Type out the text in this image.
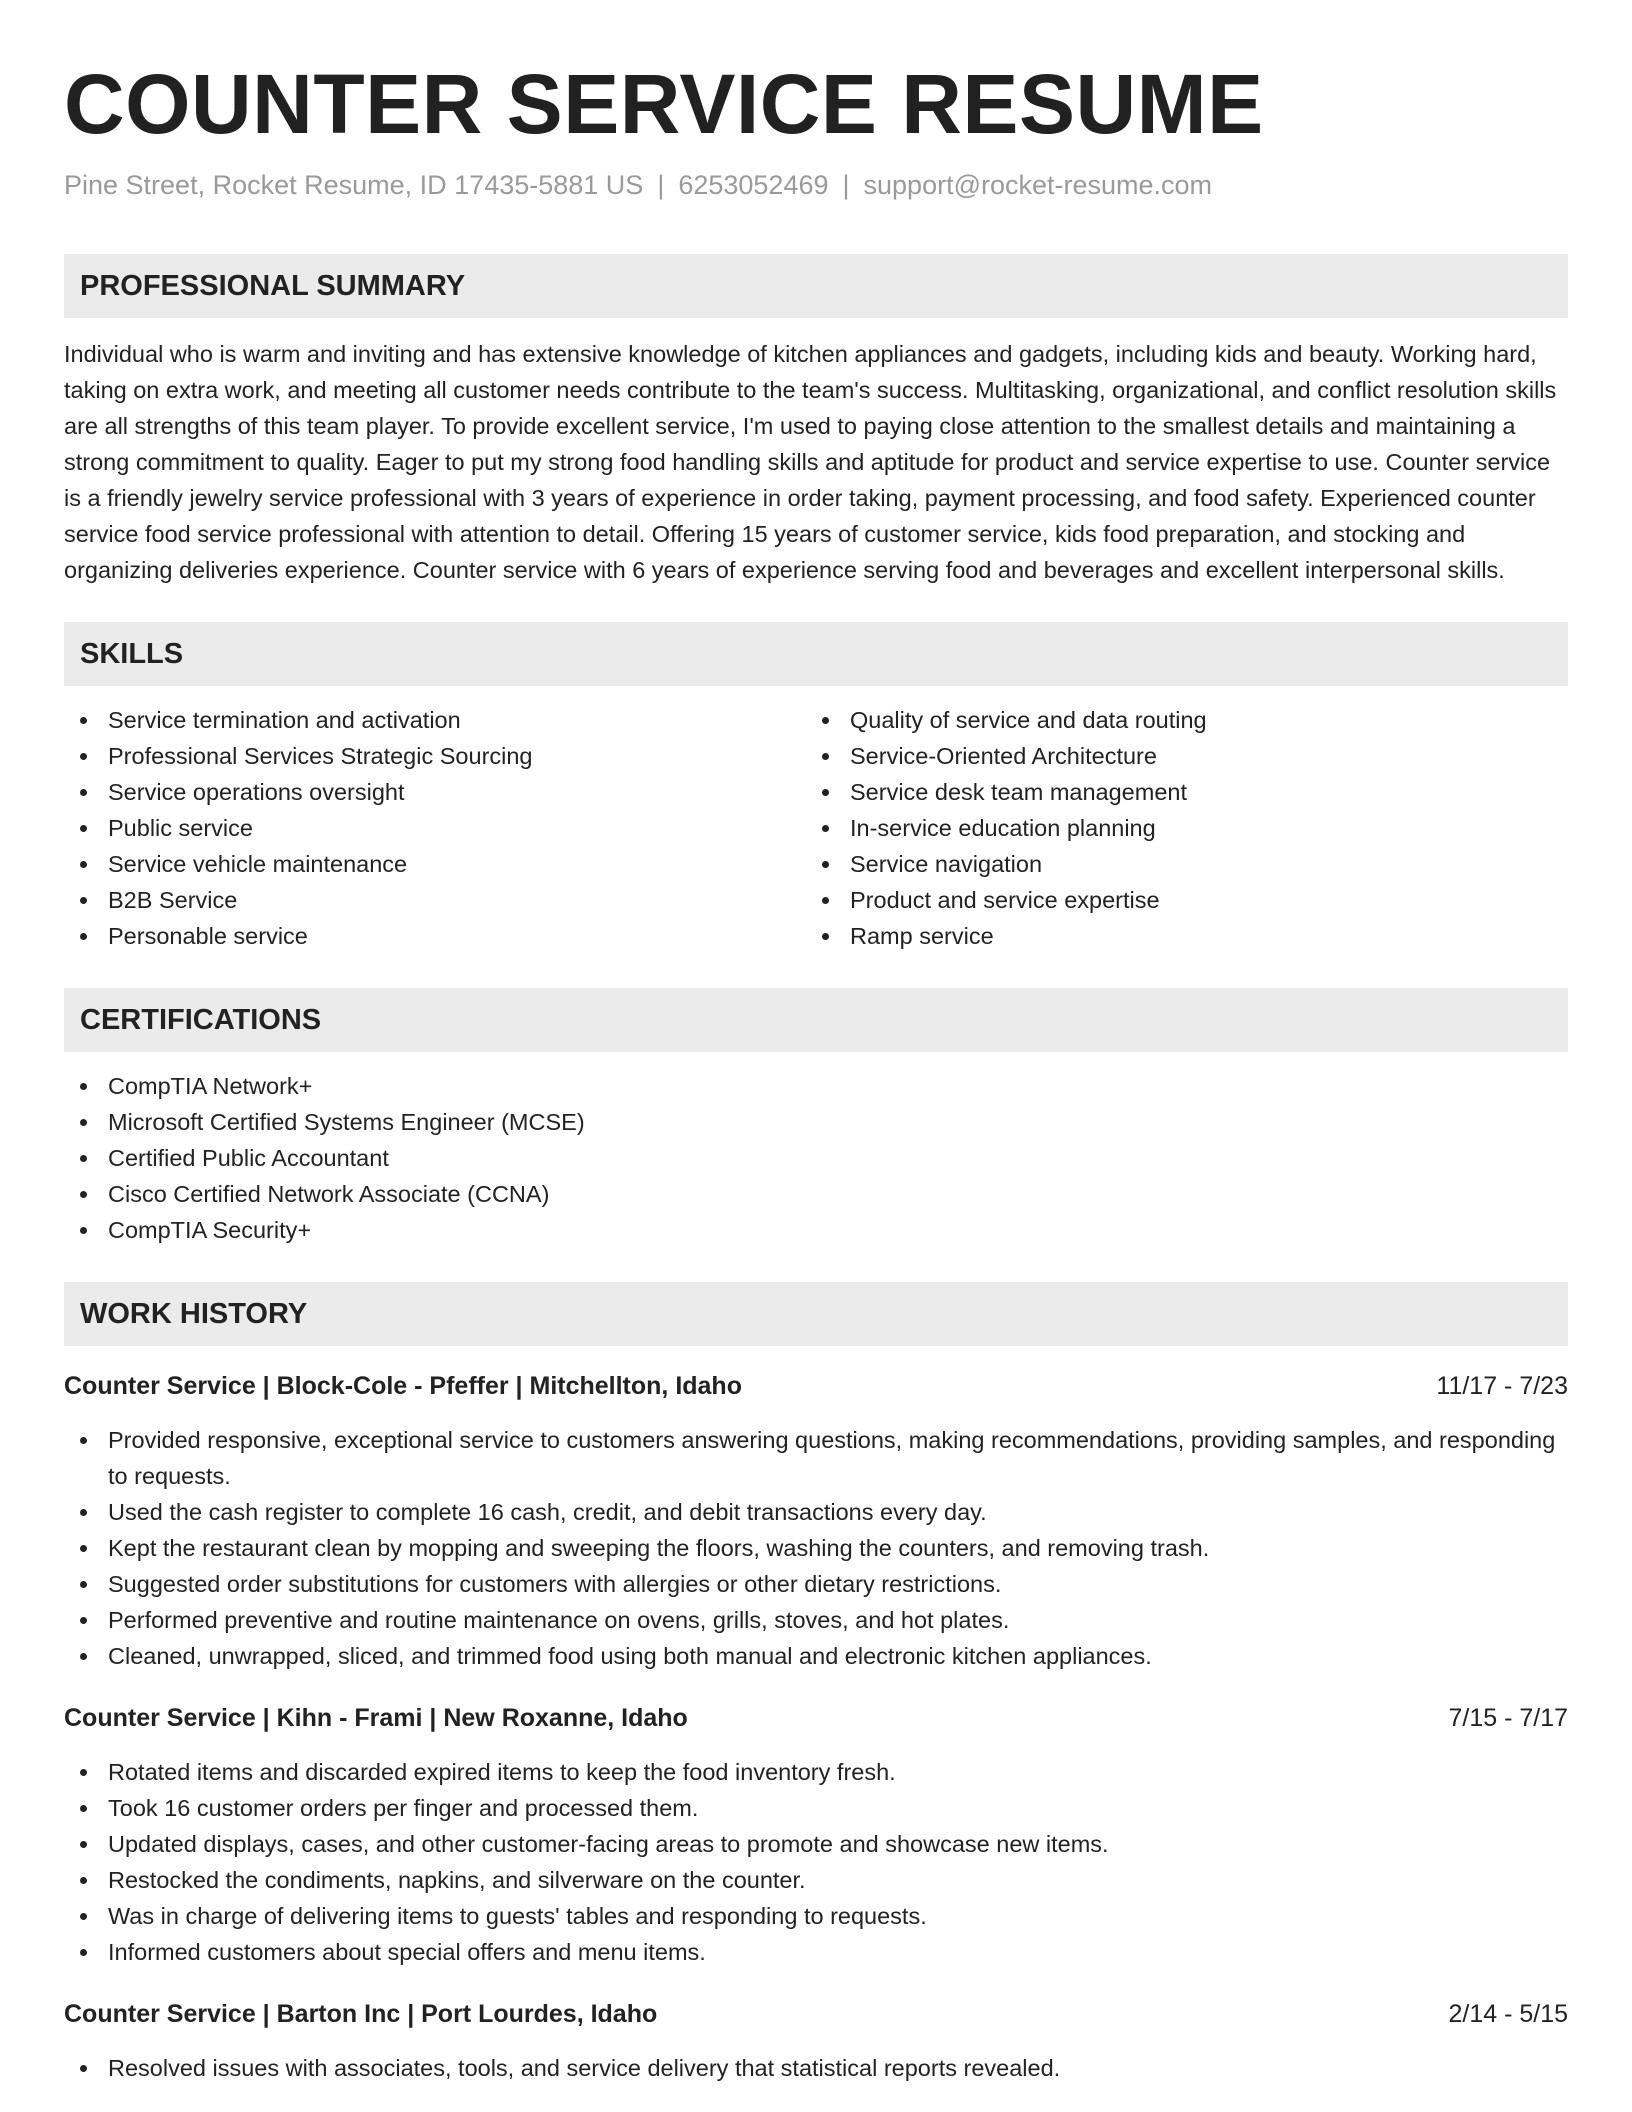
COUNTER SERVICE RESUME
Pine Street, Rocket Resume, ID 17435-5881 US | 6253052469 | support@rocket-resume.com
PROFESSIONAL SUMMARY

Individual who is warm and inviting and has extensive knowledge of kitchen appliances and gadgets, including kids and beauty. Working hard, taking on extra work, and meeting all customer needs contribute to the team's success. Multitasking, organizational, and conflict resolution skills are all strengths of this team player. To provide excellent service, I'm used to paying close attention to the smallest details and maintaining a strong commitment to quality. Eager to put my strong food handling skills and aptitude for product and service expertise to use. Counter service is a friendly jewelry service professional with 3 years of experience in order taking, payment processing, and food safety. Experienced counter service food service professional with attention to detail. Offering 15 years of customer service, kids food preparation, and stocking and organizing deliveries experience. Counter service with 6 years of experience serving food and beverages and excellent interpersonal skills.

SKILLS
Service termination and activation
Professional Services Strategic Sourcing
Service operations oversight
Public service
Service vehicle maintenance
B2B Service
Personable service
Quality of service and data routing
Service-Oriented Architecture
Service desk team management
In-service education planning
Service navigation
Product and service expertise
Ramp service
CERTIFICATIONS
CompTIA Network+
Microsoft Certified Systems Engineer (MCSE)
Certified Public Accountant
Cisco Certified Network Associate (CCNA)
CompTIA Security+
WORK HISTORY
Counter Service | Block-Cole - Pfeffer | Mitchellton, Idaho	11/17 - 7/23
Provided responsive, exceptional service to customers answering questions, making recommendations, providing samples, and responding to requests.
Used the cash register to complete 16 cash, credit, and debit transactions every day.
Kept the restaurant clean by mopping and sweeping the floors, washing the counters, and removing trash.
Suggested order substitutions for customers with allergies or other dietary restrictions.
Performed preventive and routine maintenance on ovens, grills, stoves, and hot plates.
Cleaned, unwrapped, sliced, and trimmed food using both manual and electronic kitchen appliances.
Counter Service | Kihn - Frami | New Roxanne, Idaho	7/15 - 7/17
Rotated items and discarded expired items to keep the food inventory fresh.
Took 16 customer orders per finger and processed them.
Updated displays, cases, and other customer-facing areas to promote and showcase new items.
Restocked the condiments, napkins, and silverware on the counter.
Was in charge of delivering items to guests' tables and responding to requests.
Informed customers about special offers and menu items.
Counter Service | Barton Inc | Port Lourdes, Idaho	2/14 - 5/15
Resolved issues with associates, tools, and service delivery that statistical reports revealed.
